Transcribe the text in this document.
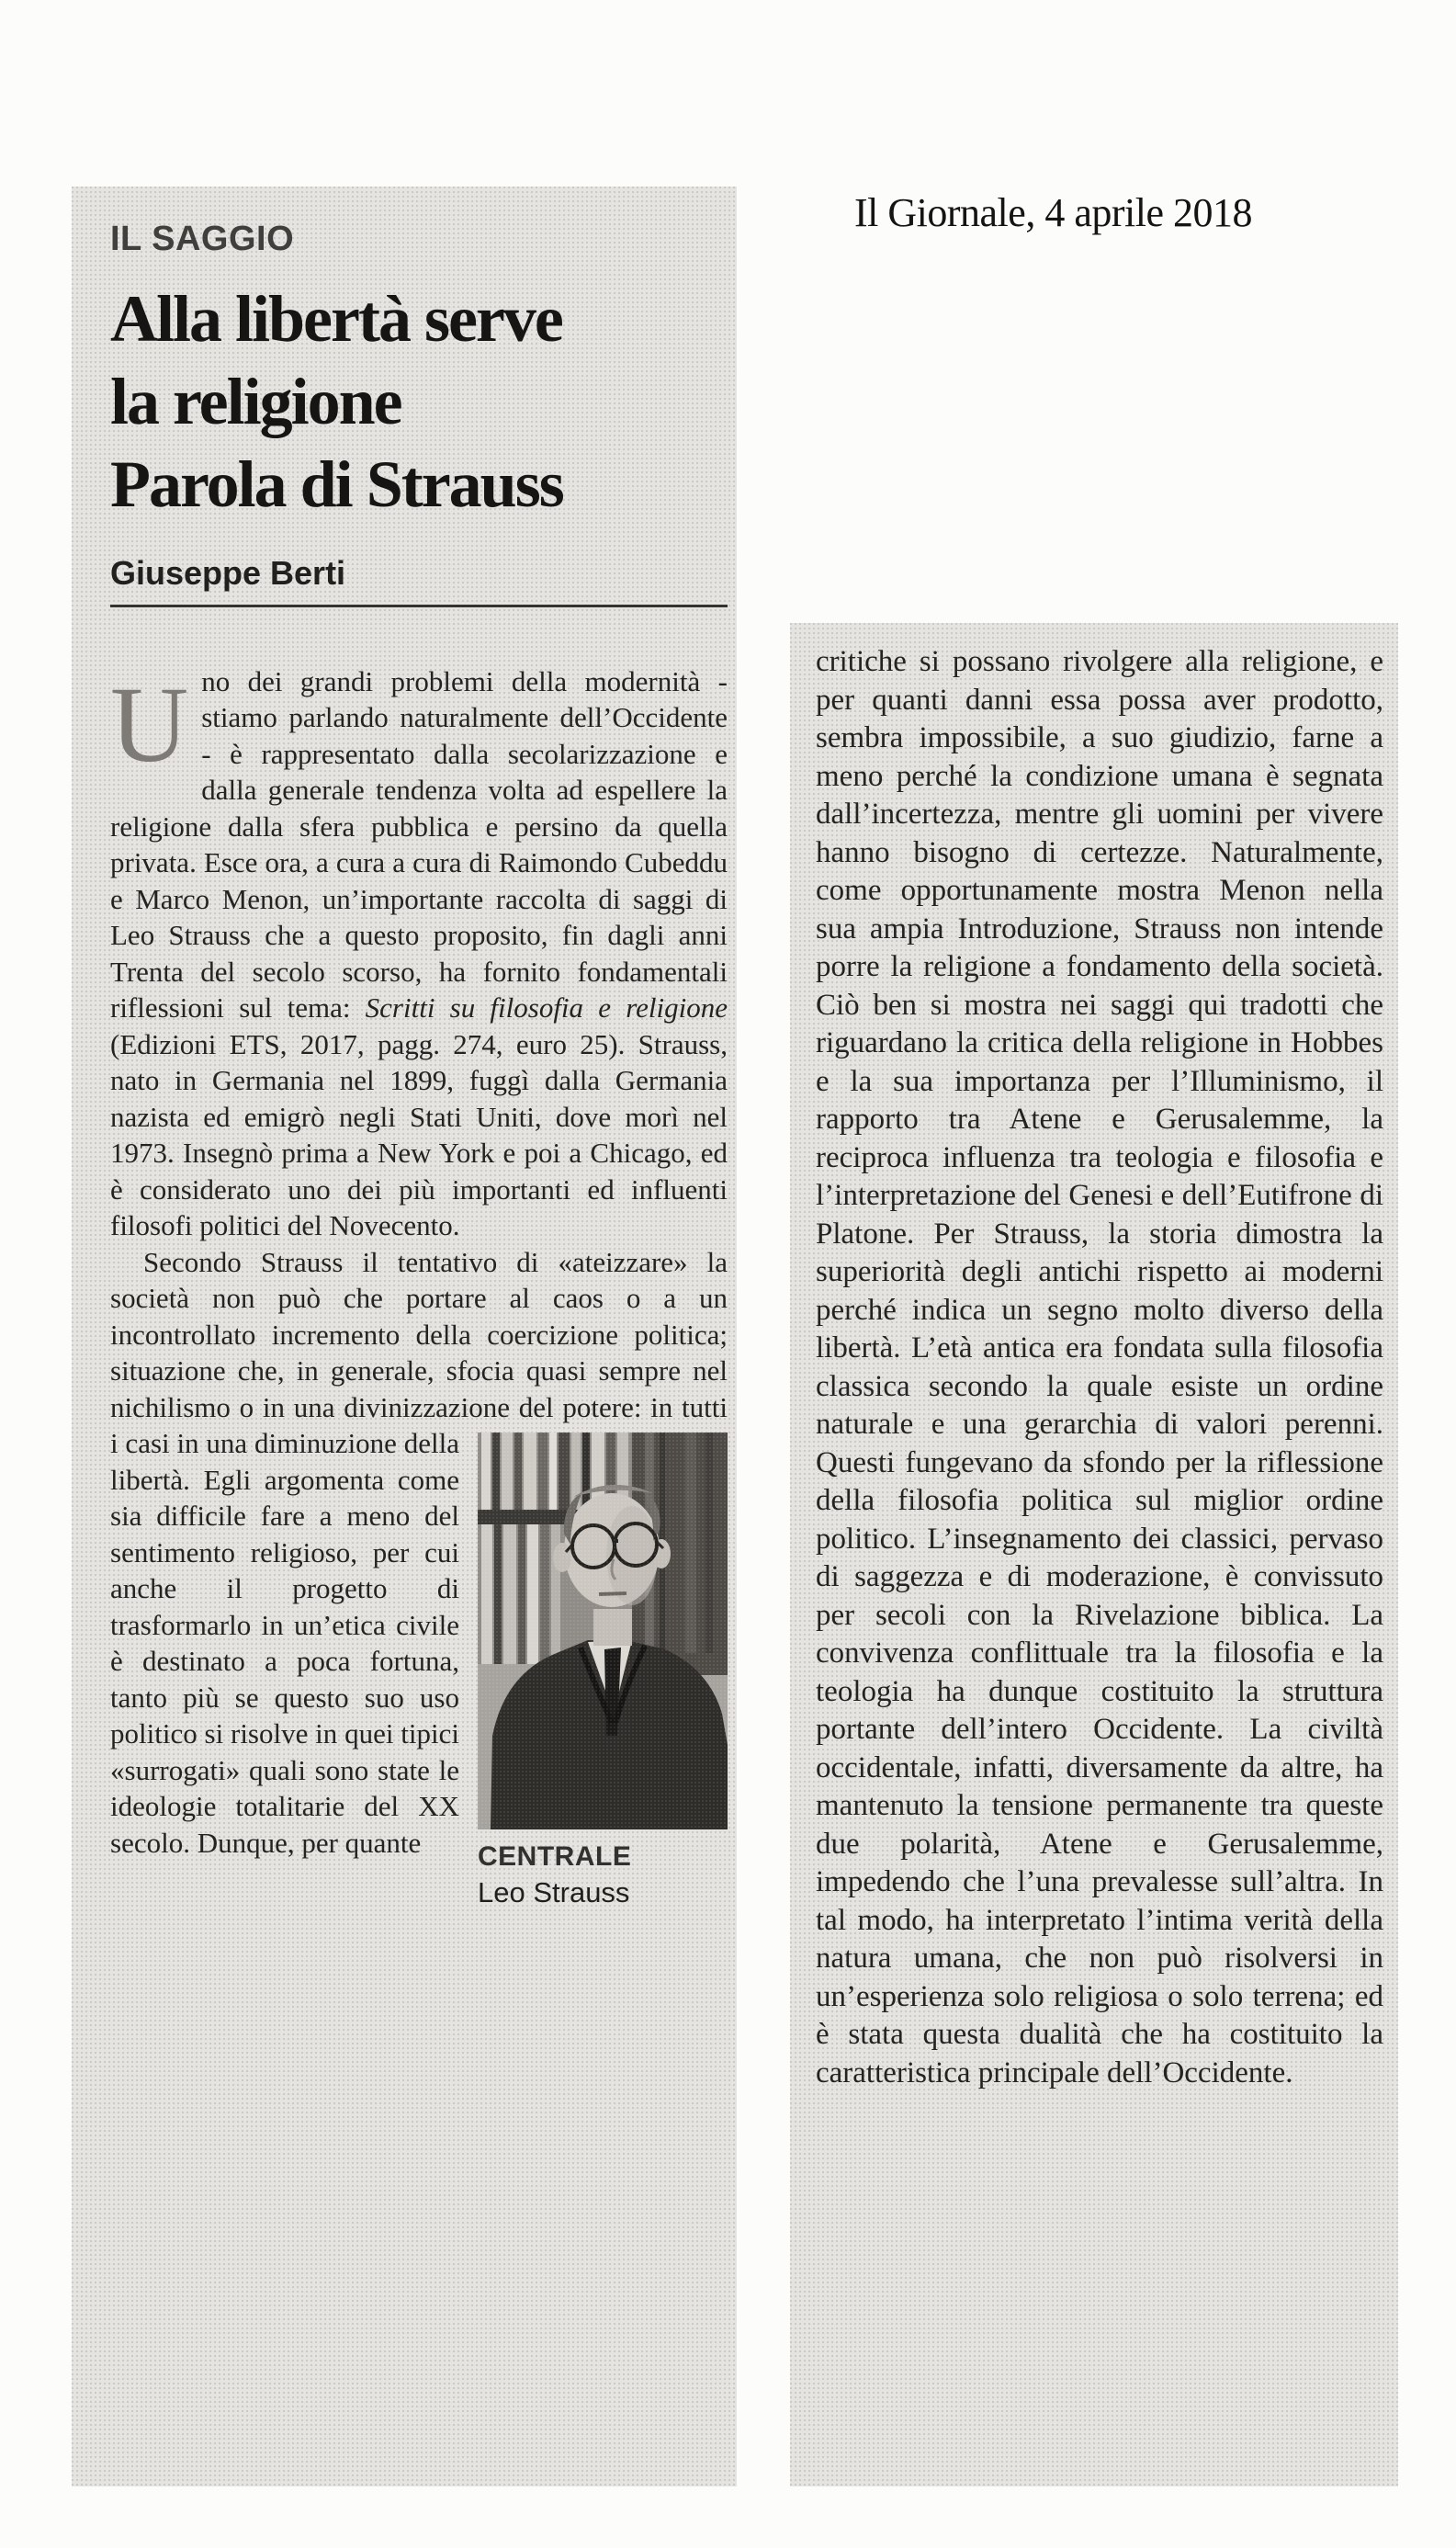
Il Giornale, 4 aprile 2018
IL SAGGIO
Alla libertà serve
la religione
Parola di Strauss
Giuseppe Berti

Uno dei grandi problemi della modernità - stiamo parlando naturalmente dell’Occidente - è rappresentato dalla secolarizzazione e dalla generale tendenza volta ad espellere la religione dalla sfera pubblica e persino da quella privata. Esce ora, a cura a cura di Raimondo Cubeddu e Marco Menon, un’importante raccolta di saggi di Leo Strauss che a questo proposito, fin dagli anni Trenta del secolo scorso, ha fornito fondamentali riflessioni sul tema: Scritti su filosofia e religione (Edizioni ETS, 2017, pagg. 274, euro 25). Strauss, nato in Germania nel 1899, fuggì dalla Germania nazista ed emigrò negli Stati Uniti, dove morì nel 1973. Insegnò prima a New York e poi a Chicago, ed è considerato uno dei più importanti ed influenti filosofi politici del Novecento.

Secondo Strauss il tentativo di «ateizzare» la società non può che portare al caos o a un incontrollato incremento della coercizione politica; situazione che, in generale, sfocia quasi sempre nel nichilismo o in una divinizzazione del potere: in tutti i casi in una
CENTRALE
Leo Strauss
diminuzione della libertà. Egli argomenta come sia difficile fare a meno del sentimento religioso, per cui anche il progetto di trasformarlo in un’etica civile è destinato a poca fortuna, tanto più se questo suo uso politico si risolve in quei tipici «surrogati» quali sono state le ideologie totalitarie del XX secolo. Dunque, per quante

critiche si possano rivolgere alla religione, e per quanti danni essa possa aver prodotto, sembra impossibile, a suo giudizio, farne a meno perché la condizione umana è segnata dall’incertezza, mentre gli uomini per vivere hanno bisogno di certezze. Naturalmente, come opportunamente mostra Menon nella sua ampia Introduzione, Strauss non intende porre la religione a fondamento della società. Ciò ben si mostra nei saggi qui tradotti che riguardano la critica della religione in Hobbes e la sua importanza per l’Illuminismo, il rapporto tra Atene e Gerusalemme, la reciproca influenza tra teologia e filosofia e l’interpretazione del Genesi e dell’Eutifrone di Platone. Per Strauss, la storia dimostra la superiorità degli antichi rispetto ai moderni perché indica un segno molto diverso della libertà. L’età antica era fondata sulla filosofia classica secondo la quale esiste un ordine naturale e una gerarchia di valori perenni. Questi fungevano da sfondo per la riflessione della filosofia politica sul miglior ordine politico. L’insegnamento dei classici, pervaso di saggezza e di moderazione, è convissuto per secoli con la Rivelazione biblica. La convivenza conflittuale tra la filosofia e la teologia ha dunque costituito la struttura portante dell’intero Occidente. La civiltà occidentale, infatti, diversamente da altre, ha mantenuto la tensione permanente tra queste due polarità, Atene e Gerusalemme, impedendo che l’una prevalesse sull’altra. In tal modo, ha interpretato l’intima verità della natura umana, che non può risolversi in un’esperienza solo religiosa o solo terrena; ed è stata questa dualità che ha costituito la caratteristica principale dell’Occidente.
